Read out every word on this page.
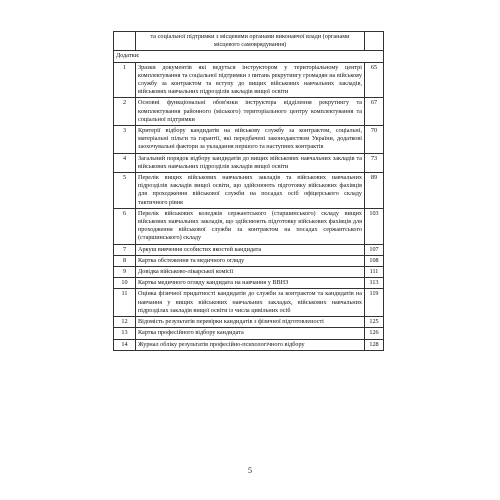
	та соціальної підтримки з місцевими органами виконавчої влади (органами місцевого самоврядування)	
Додатки:		
1	Зразки документів які ведуться інструктором у територіальному центрі комплектування та соціальної підтримки з питань рекрутингу громадян на військову службу за контрактом та вступу до вищих військових навчальних закладів, військових навчальних підрозділів закладів вищої освіти	65
2	Основні функціональні обов'язки інструктора відділення рекрутингу та комплектування районного (міського) територіального центру комплектування та соціальної підтримки	67
3	Критерії відбору кандидатів на військову службу за контрактом, соціальні, матеріальні пільги та гарантії, які передбачені законодавством України, додаткові заохочувальні фактори за укладання першого та наступних контрактів	70
4	Загальний порядок відбору кандидатів до вищих військових навчальних закладів та військових навчальних підрозділів закладів вищої освіти	73
5	Перелік вищих військових навчальних закладів та військових навчальних підрозділів закладів вищої освіти, що здійснюють підготовку військових фахівців для проходження військової служби на посадах осіб офіцерського складу тактичного рівня	89
6	Перелік військових коледжів сержантського (старшинського) складу вищих військових навчальних закладів, що здійснюють підготовку військових фахівців для проходження військової служби за контрактом на посадах сержантського (старшинського) складу	103
7	Аркуш вивчення особистих якостей кандидата	107
8	Картка обстеження та медичного огляду	108
9	Довідка військово-лікарської комісії	111
10	Картка медичного огляду кандидата на навчання у ВВНЗ	113
11	Оцінка фізичної придатності кандидатів до служби за контрактом та кандидатів на навчання у вищих військових навчальних закладах, військових навчальних підрозділах закладів вищої освіти із числа цивільних осіб	119
12	Відомість результатів перевірки кандидатів з фізичної підготовленості	125
13	Картка професійного відбору кандидата	126
14	Журнал обліку результатів професійно-психологічного відбору	128
5
